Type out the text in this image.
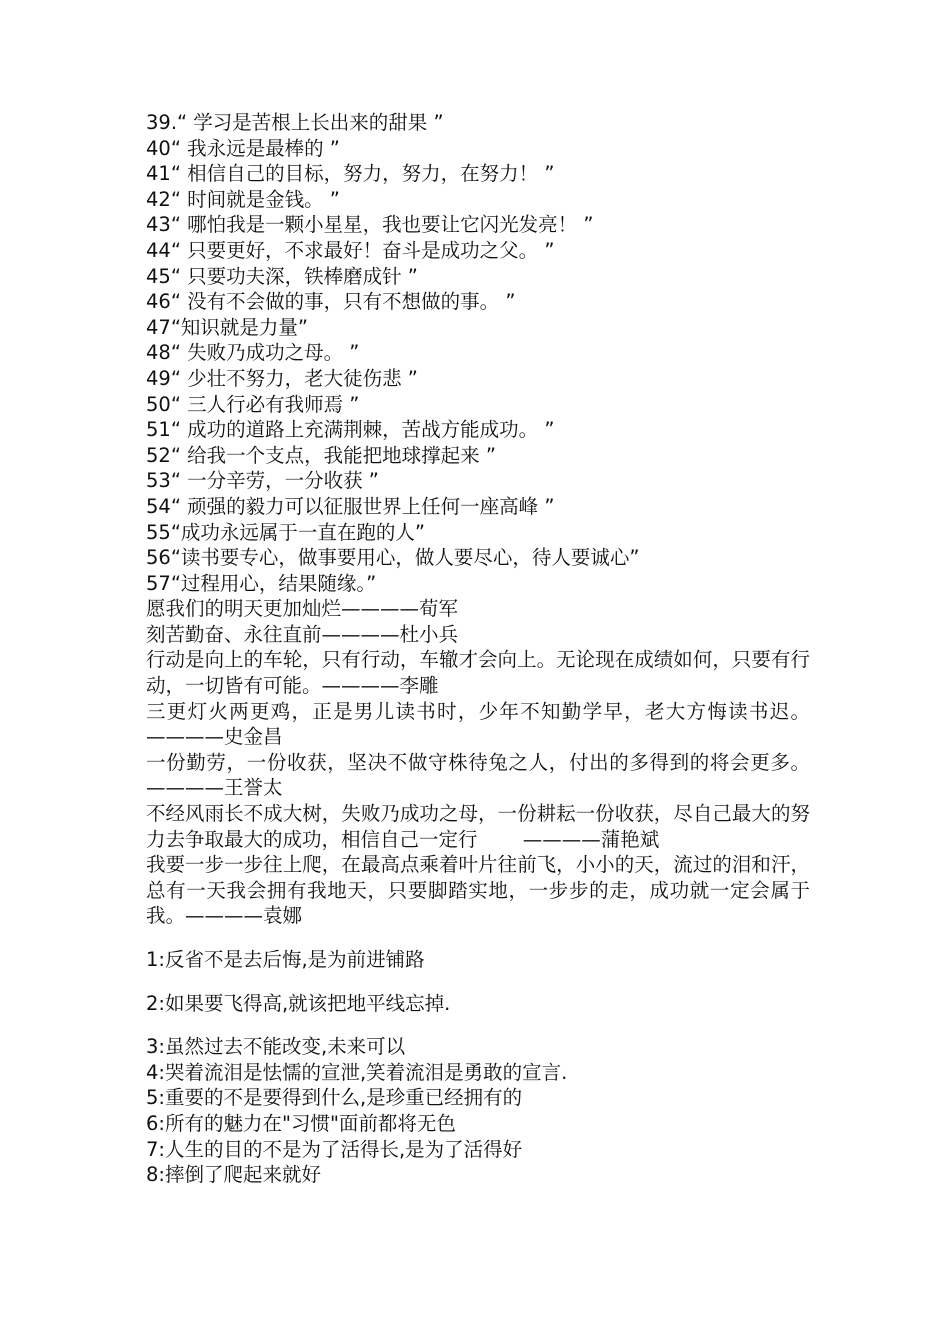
39.“ 学习是苦根上长出来的甜果 ”
40“ 我永远是最棒的 ”
41“ 相信自己的目标，努力，努力，在努力！ ”
42“ 时间就是金钱。 ”
43“ 哪怕我是一颗小星星，我也要让它闪光发亮！ ”
44“ 只要更好，不求最好！奋斗是成功之父。 ”
45“ 只要功夫深，铁棒磨成针 ”
46“ 没有不会做的事，只有不想做的事。 ”
47“知识就是力量”
48“ 失败乃成功之母。 ”
49“ 少壮不努力，老大徒伤悲 ”
50“ 三人行必有我师焉 ”
51“ 成功的道路上充满荆棘，苦战方能成功。 ”
52“ 给我一个支点，我能把地球撑起来 ”
53“ 一分辛劳，一分收获 ”
54“ 顽强的毅力可以征服世界上任何一座高峰 ”
55“成功永远属于一直在跑的人”
56“读书要专心，做事要用心，做人要尽心，待人要诚心”
57“过程用心，结果随缘。”
愿我们的明天更加灿烂————荀军
刻苦勤奋、永往直前————杜小兵
行动是向上的车轮，只有行动，车辙才会向上。无论现在成绩如何，只要有行动，一切皆有可能。————李雕
三更灯火两更鸡，正是男儿读书时，少年不知勤学早，老大方悔读书迟。————史金昌
一份勤劳，一份收获，坚决不做守株待兔之人，付出的多得到的将会更多。————王誉太
不经风雨长不成大树，失败乃成功之母，一份耕耘一份收获，尽自己最大的努力去争取最大的成功，相信自己一定行　　 ————蒲艳斌
我要一步一步往上爬，在最高点乘着叶片往前飞，小小的天，流过的泪和汗，总有一天我会拥有我地天，只要脚踏实地，一步步的走，成功就一定会属于我。————袁娜
1:反省不是去后悔,是为前进铺路
2:如果要飞得高,就该把地平线忘掉.
3:虽然过去不能改变,未来可以
4:哭着流泪是怯懦的宣泄,笑着流泪是勇敢的宣言.
5:重要的不是要得到什么,是珍重已经拥有的
6:所有的魅力在"习惯"面前都将无色
7:人生的目的不是为了活得长,是为了活得好
8:摔倒了爬起来就好
